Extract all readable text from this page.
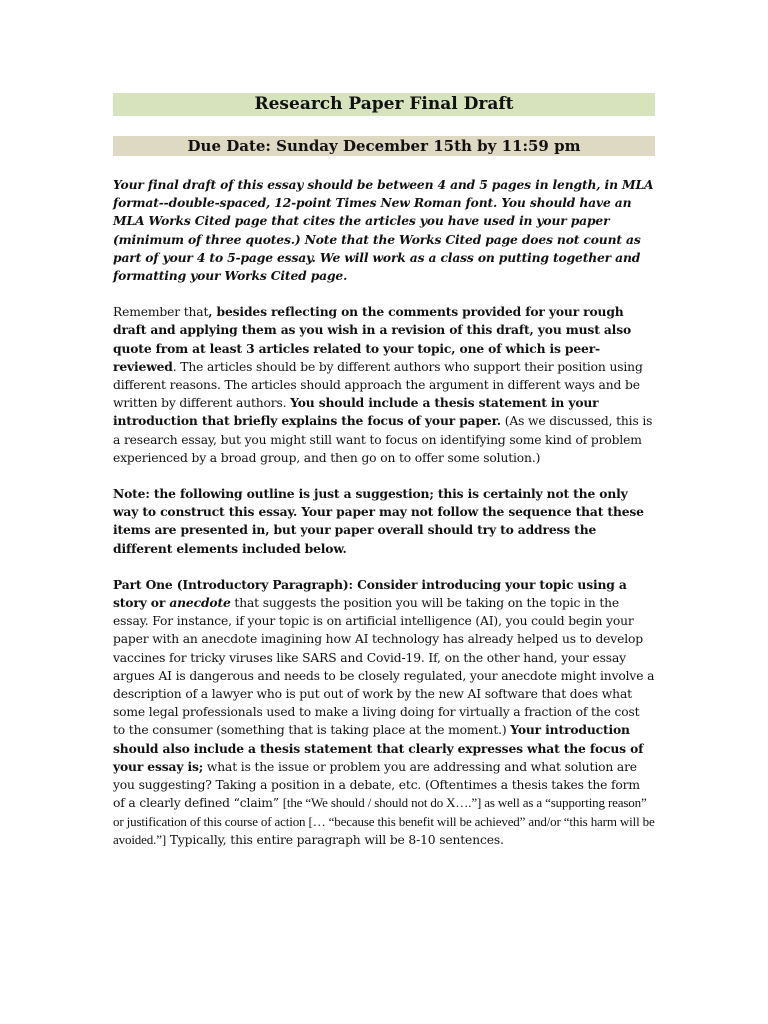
Research Paper Final Draft
Due Date: Sunday December 15th by 11:59 pm

Your final draft of this essay should be between 4 and 5 pages in length, in MLA format--double-spaced, 12-point Times New Roman font. You should have an MLA Works Cited page that cites the articles you have used in your paper (minimum of three quotes.) Note that the Works Cited page does not count as part of your 4 to 5-page essay. We will work as a class on putting together and formatting your Works Cited page.

Remember that, besides reflecting on the comments provided for your rough draft and applying them as you wish in a revision of this draft, you must also quote from at least 3 articles related to your topic, one of which is peer-reviewed. The articles should be by different authors who support their position using different reasons. The articles should approach the argument in different ways and be written by different authors. You should include a thesis statement in your introduction that briefly explains the focus of your paper. (As we discussed, this is a research essay, but you might still want to focus on identifying some kind of problem experienced by a broad group, and then go on to offer some solution.)

Note: the following outline is just a suggestion; this is certainly not the only way to construct this essay. Your paper may not follow the sequence that these items are presented in, but your paper overall should try to address the different elements included below.

Part One (Introductory Paragraph): Consider introducing your topic using a story or anecdote that suggests the position you will be taking on the topic in the essay. For instance, if your topic is on artificial intelligence (AI), you could begin your paper with an anecdote imagining how AI technology has already helped us to develop vaccines for tricky viruses like SARS and Covid-19. If, on the other hand, your essay argues AI is dangerous and needs to be closely regulated, your anecdote might involve a description of a lawyer who is put out of work by the new AI software that does what some legal professionals used to make a living doing for virtually a fraction of the cost to the consumer (something that is taking place at the moment.) Your introduction should also include a thesis statement that clearly expresses what the focus of your essay is; what is the issue or problem you are addressing and what solution are you suggesting? Taking a position in a debate, etc. (Oftentimes a thesis takes the form of a clearly defined “claim” [the “We should / should not do X….”] as well as a “supporting reason” or justification of this course of action [… “because this benefit will be achieved” and/or “this harm will be avoided.”] Typically, this entire paragraph will be 8-10 sentences.
